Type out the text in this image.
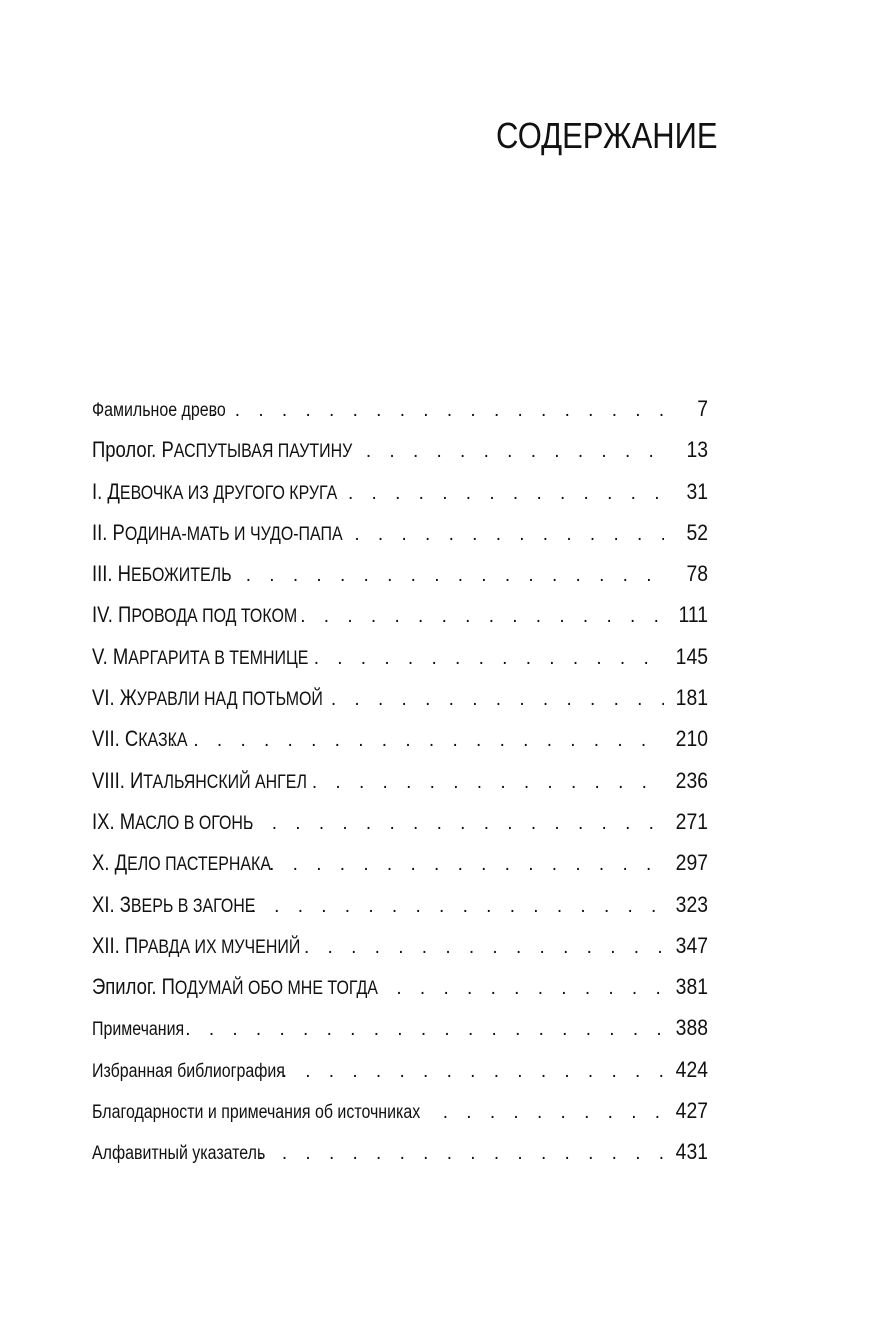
СОДЕРЖАНИЕ
Фамильное древо . . .	7
Пролог. РАСПУТЫВАЯ ПАУТИНУ . . .	13
I. ДЕВОЧКА ИЗ ДРУГОГО КРУГА . . .	31
II. РОДИНА-МАТЬ И ЧУДО-ПАПА . . .	52
III. НЕБОЖИТЕЛЬ . . .	78
IV. ПРОВОДА ПОД ТОКОМ . . .	111
V. МАРГАРИТА В ТЕМНИЦЕ . . .	145
VI. ЖУРАВЛИ НАД ПОТЬМОЙ . . .	181
VII. СКАЗКА . . .	210
VIII. ИТАЛЬЯНСКИЙ АНГЕЛ . . .	236
IX. МАСЛО В ОГОНЬ . . .	271
X. ДЕЛО ПАСТЕРНАКА . . .	297
XI. ЗВЕРЬ В ЗАГОНЕ . . .	323
XII. ПРАВДА ИХ МУЧЕНИЙ . . .	347
Эпилог. ПОДУМАЙ ОБО МНЕ ТОГДА . . .	381
Примечания . . .	388
Избранная библиография . . .	424
Благодарности и примечания об источниках . . .	427
Алфавитный указатель . . .	431
